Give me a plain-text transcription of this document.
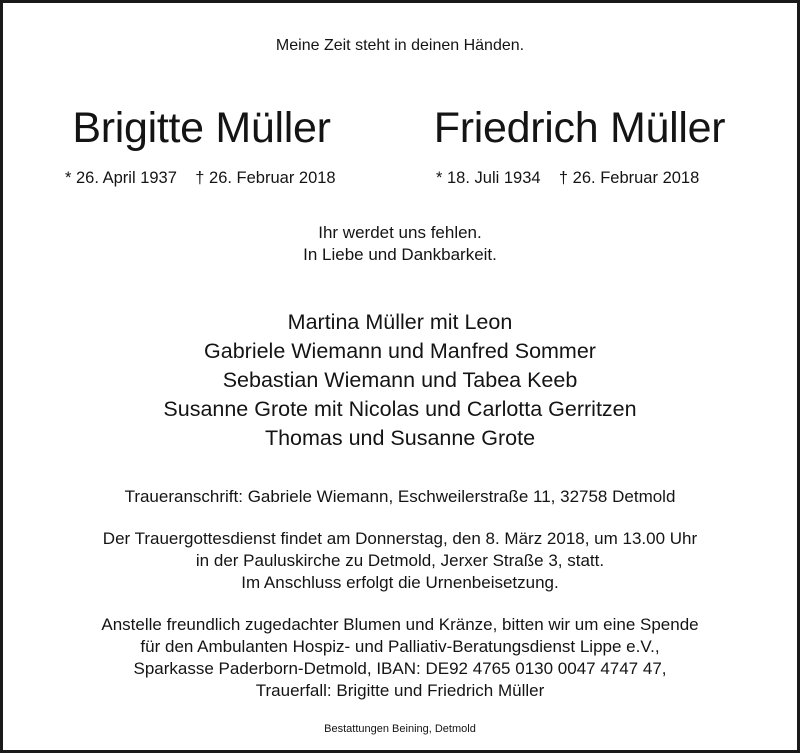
Meine Zeit steht in deinen Händen.
Brigitte Müller	Friedrich Müller
* 26. April 1937 † 26. Februar 2018	* 18. Juli 1934 † 26. Februar 2018
Ihr werdet uns fehlen.
In Liebe und Dankbarkeit.
Martina Müller mit Leon
Gabriele Wiemann und Manfred Sommer
Sebastian Wiemann und Tabea Keeb
Susanne Grote mit Nicolas und Carlotta Gerritzen
Thomas und Susanne Grote
Traueranschrift: Gabriele Wiemann, Eschweilerstraße 11, 32758 Detmold
Der Trauergottesdienst findet am Donnerstag, den 8. März 2018, um 13.00 Uhr
in der Pauluskirche zu Detmold, Jerxer Straße 3, statt.
Im Anschluss erfolgt die Urnenbeisetzung.
Anstelle freundlich zugedachter Blumen und Kränze, bitten wir um eine Spende
für den Ambulanten Hospiz- und Palliativ-Beratungsdienst Lippe e.V.,
Sparkasse Paderborn-Detmold, IBAN: DE92 4765 0130 0047 4747 47,
Trauerfall: Brigitte und Friedrich Müller
Bestattungen Beining, Detmold
